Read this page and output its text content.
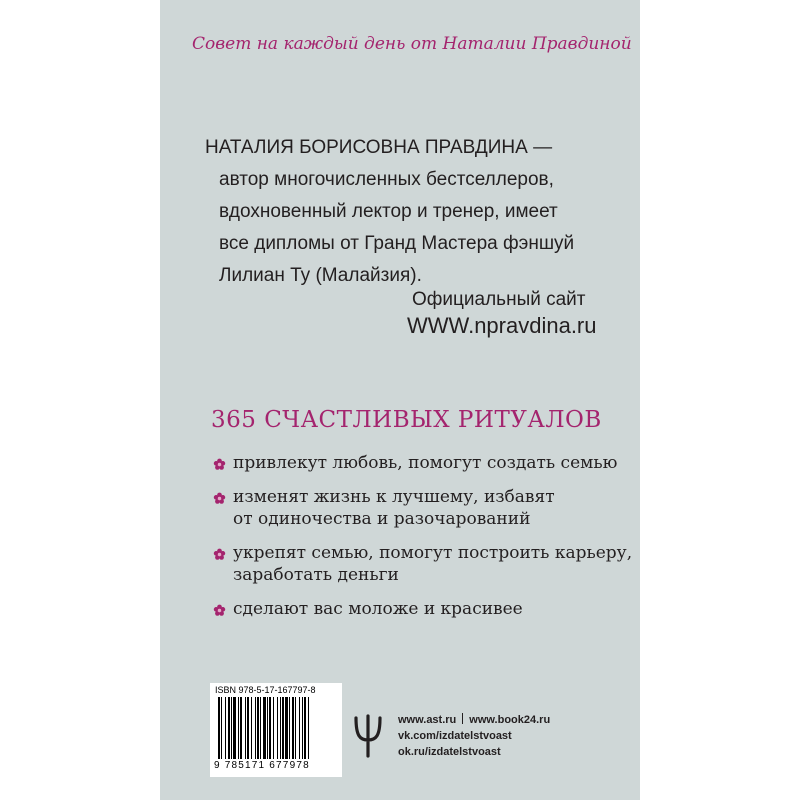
Совет на каждый день от Наталии Правдиной
НАТАЛИЯ БОРИСОВНА ПРАВДИНА —
автор многочисленных бестселлеров,
вдохновенный лектор и тренер, имеет
все дипломы от Гранд Мастера фэншуй
Лилиан Ту (Малайзия).
Официальный сайт
WWW.npravdina.ru
365 СЧАСТЛИВЫХ РИТУАЛОВ
привлекут любовь, помогут создать семью
изменят жизнь к лучшему, избавят
от одиночества и разочарований
укрепят семью, помогут построить карьеру,
заработать деньги
сделают вас моложе и красивее
ISBN 978-5-17-167797-8
9 785171 677978
www.ast.ru www.book24.ru
vk.com/izdatelstvoast
ok.ru/izdatelstvoast
